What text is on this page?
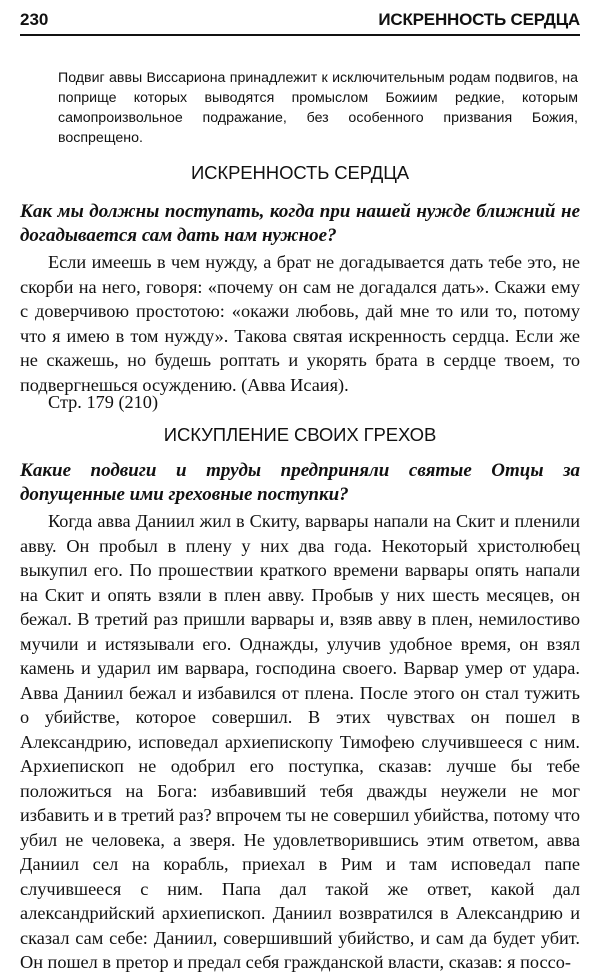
230	ИСКРЕННОСТЬ СЕРДЦА
Подвиг аввы Виссариона принадлежит к исключительным родам подвигов, на поприще которых выводятся промыслом Божиим редкие, которым самопроизвольное подражание, без особенного призвания Божия, воспрещено.
ИСКРЕННОСТЬ СЕРДЦА
Как мы должны поступать, когда при нашей нужде ближний не догадывается сам дать нам нужное?

Если имеешь в чем нужду, а брат не догадывается дать тебе это, не скорби на него, говоря: «почему он сам не догадался дать». Скажи ему с доверчивою простотою: «окажи любовь, дай мне то или то, потому что я имею в том нужду». Такова святая искренность сердца. Если же не скажешь, но будешь роптать и укорять брата в сердце твоем, то подвергнешься осуждению. (Авва Исаия).

Стр. 179 (210)
ИСКУПЛЕНИЕ СВОИХ ГРЕХОВ
Какие подвиги и труды предприняли святые Отцы за допущенные ими греховные поступки?

Когда авва Даниил жил в Скиту, варвары напали на Скит и пленили авву. Он пробыл в плену у них два года. Некоторый христолюбец выкупил его. По прошествии краткого времени варвары опять напали на Скит и опять взяли в плен авву. Пробыв у них шесть месяцев, он бежал. В третий раз пришли варвары и, взяв авву в плен, немилостиво мучили и истязывали его. Однажды, улучив удобное время, он взял камень и ударил им варвара, господина своего. Варвар умер от удара. Авва Даниил бежал и избавился от плена. После этого он стал тужить о убийстве, которое совершил. В этих чувствах он пошел в Александрию, исповедал архиепископу Тимофею случившееся с ним. Архиепископ не одобрил его поступка, сказав: лучше бы тебе положиться на Бога: избавивший тебя дважды неужели не мог избавить и в третий раз? впрочем ты не совершил убийства, потому что убил не человека, а зверя. Не удовлетворившись этим ответом, авва Даниил сел на корабль, приехал в Рим и там исповедал папе случившееся с ним. Папа дал такой же ответ, какой дал александрийский архиепископ. Даниил возвратился в Александрию и сказал сам себе: Даниил, совершивший убийство, и сам да будет убит. Он пошел в претор и предал себя гражданской власти, сказав: я поссо-
